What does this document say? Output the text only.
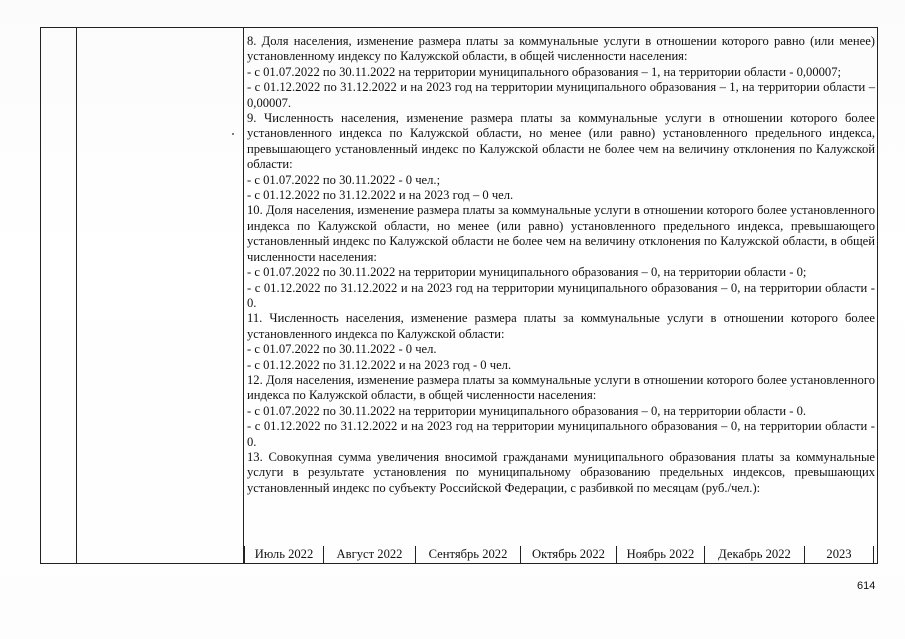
8. Доля населения, изменение размера платы за коммунальные услуги в отношении которого равно (или менее) установленному индексу по Калужской области, в общей численности населения:

- с 01.07.2022 по 30.11.2022 на территории муниципального образования – 1, на территории области - 0,00007;

- с 01.12.2022 по 31.12.2022 и на 2023 год на территории муниципального образования – 1, на территории области – 0,00007.

9. Численность населения, изменение размера платы за коммунальные услуги в отношении которого более установленного индекса по Калужской области, но менее (или равно) установленного предельного индекса, превышающего установленный индекс по Калужской области не более чем на величину отклонения по Калужской области:

- с 01.07.2022 по 30.11.2022 - 0 чел.;

- с 01.12.2022 по 31.12.2022 и на 2023 год – 0 чел.

10. Доля населения, изменение размера платы за коммунальные услуги в отношении которого более установленного индекса по Калужской области, но менее (или равно) установленного предельного индекса, превышающего установленный индекс по Калужской области не более чем на величину отклонения по Калужской области, в общей численности населения:

- с 01.07.2022 по 30.11.2022 на территории муниципального образования – 0, на территории области - 0;

- с 01.12.2022 по 31.12.2022 и на 2023 год на территории муниципального образования – 0, на территории области - 0.

11. Численность населения, изменение размера платы за коммунальные услуги в отношении которого более установленного индекса по Калужской области:

- с 01.07.2022 по 30.11.2022 - 0 чел.

- с 01.12.2022 по 31.12.2022 и на 2023 год - 0 чел.

12. Доля населения, изменение размера платы за коммунальные услуги в отношении которого более установленного индекса по Калужской области, в общей численности населения:

- с 01.07.2022 по 30.11.2022 на территории муниципального образования – 0, на территории области - 0.

- с 01.12.2022 по 31.12.2022 и на 2023 год на территории муниципального образования – 0, на территории области - 0.

13. Совокупная сумма увеличения вносимой гражданами муниципального образования платы за коммунальные услуги в результате установления по муниципальному образованию предельных индексов, превышающих установленный индекс по субъекту Российской Федерации, с разбивкой по месяцам (руб./чел.):

Июль 2022	Август 2022	Сентябрь 2022	Октябрь 2022	Ноябрь 2022	Декабрь 2022	2023
614
